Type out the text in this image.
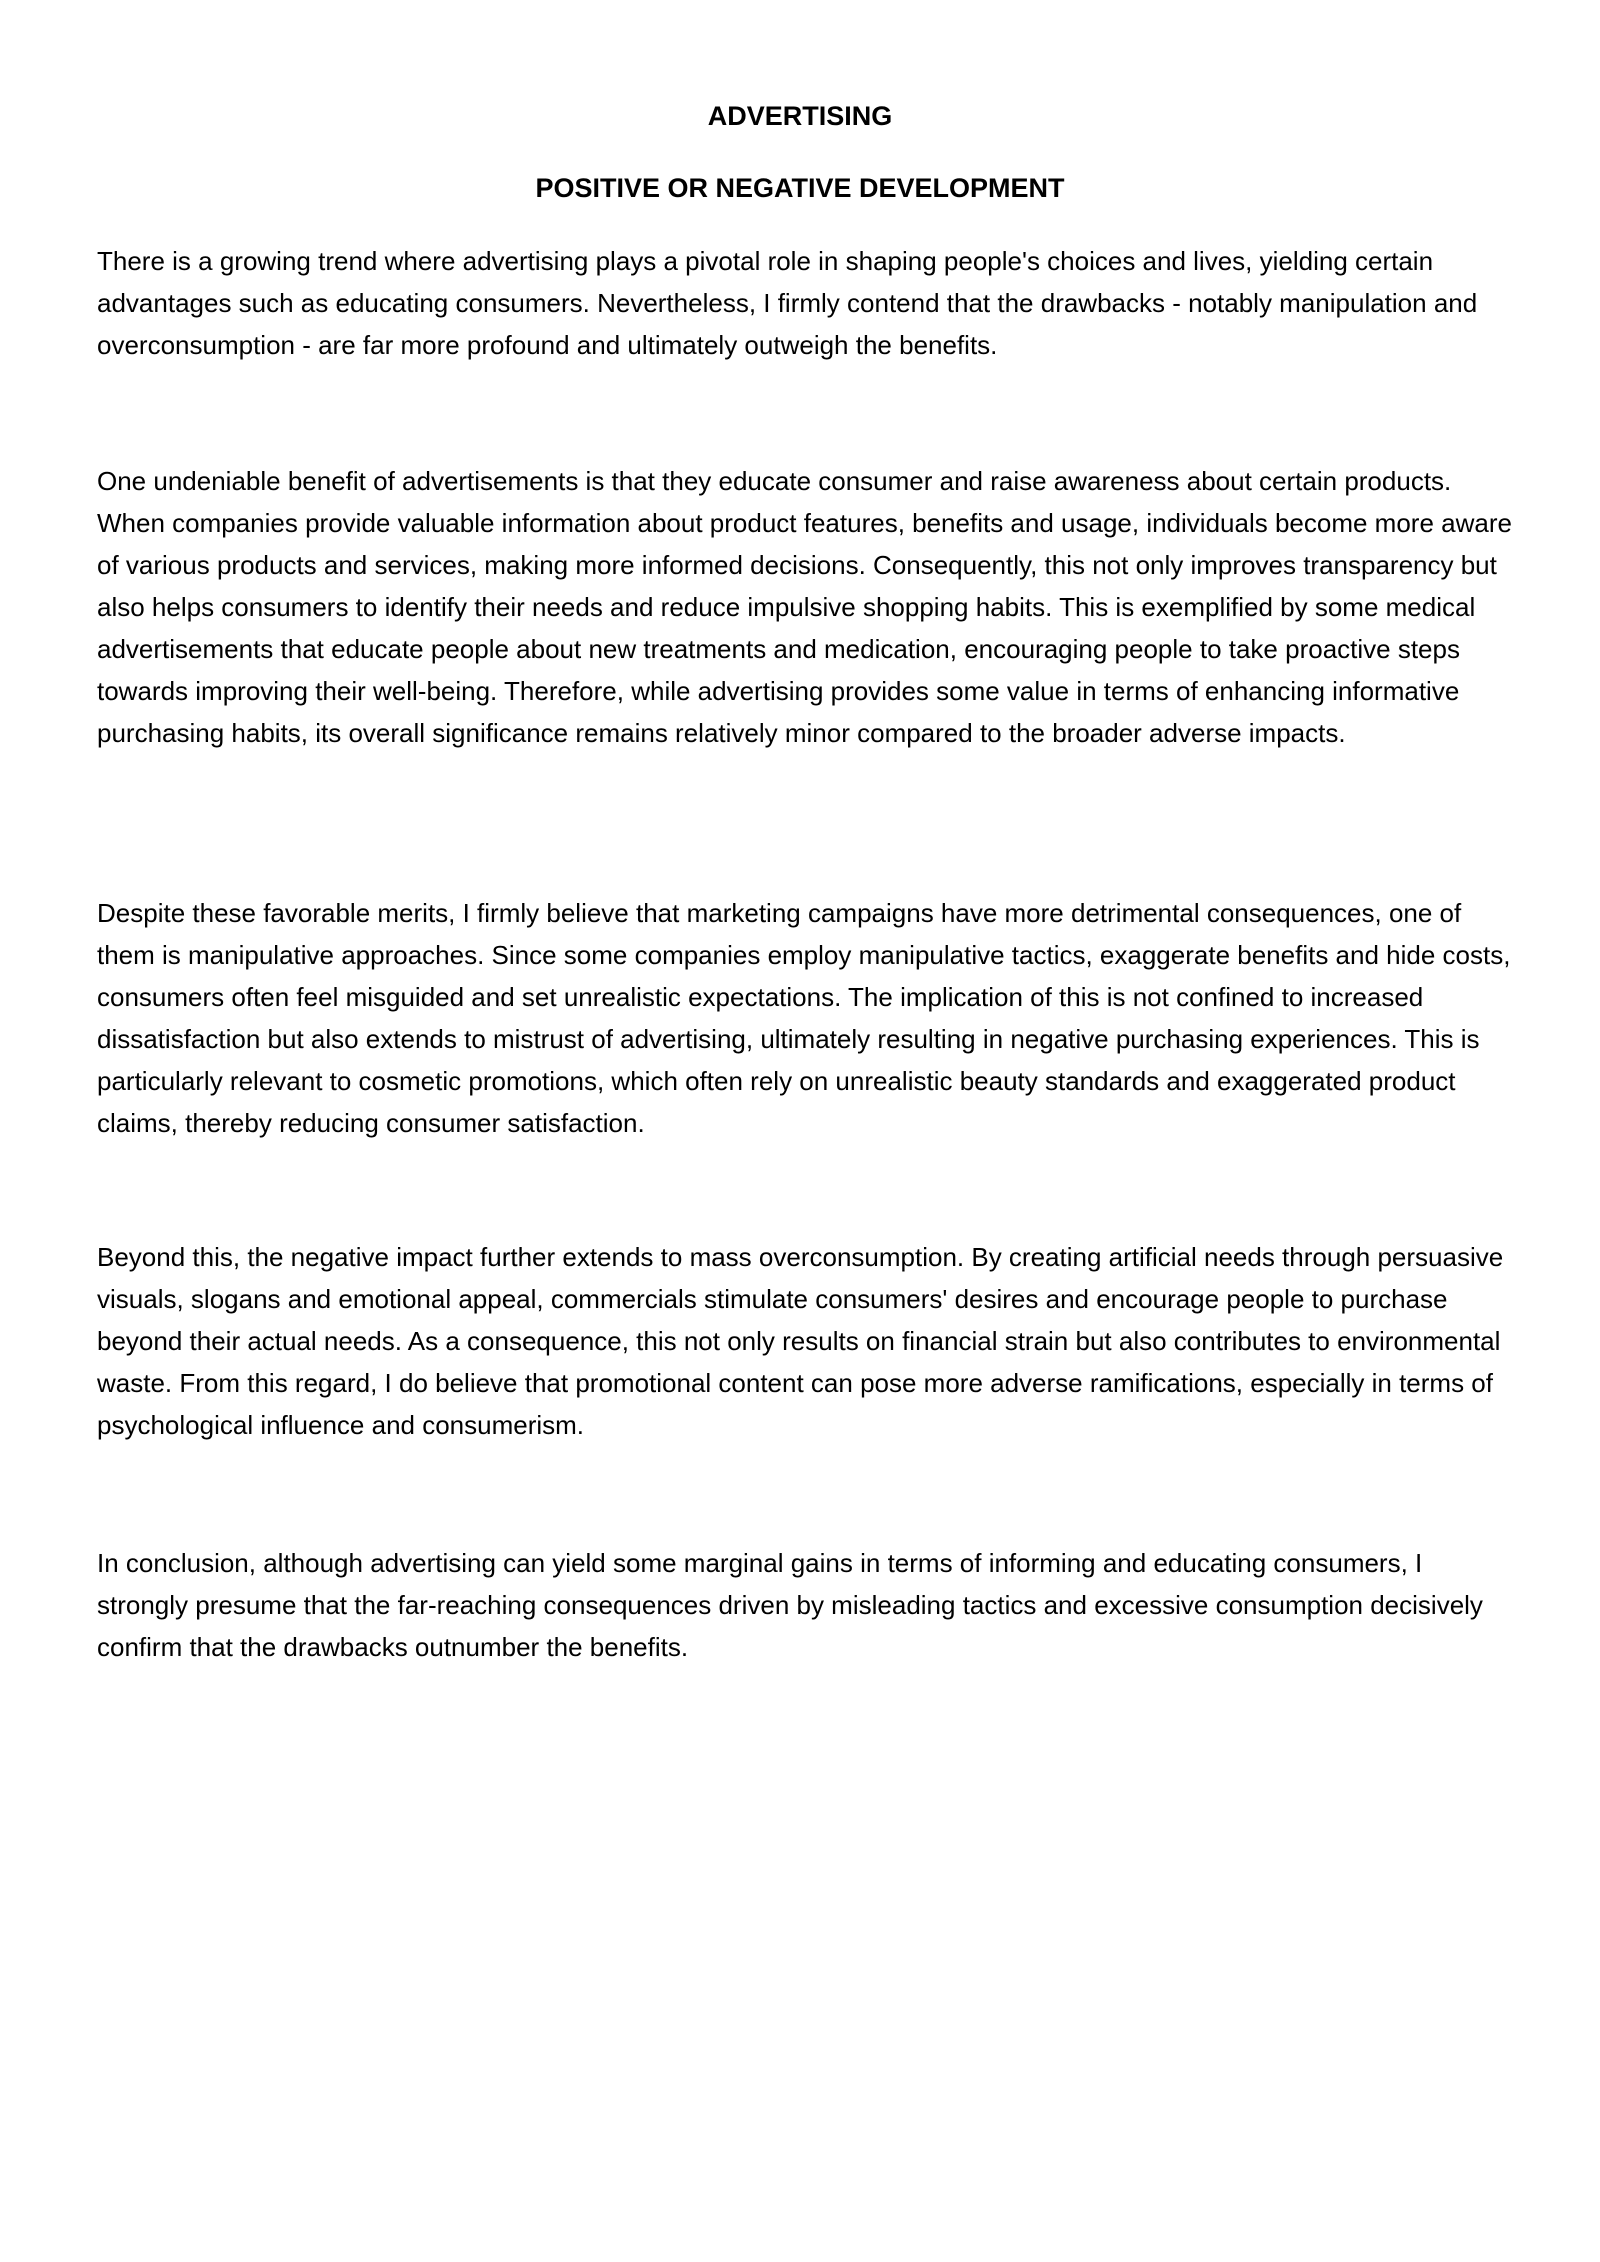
ADVERTISING
POSITIVE OR NEGATIVE DEVELOPMENT

There is a growing trend where advertising plays a pivotal role in shaping people's choices and lives, yielding certain advantages such as educating consumers. Nevertheless, I firmly contend that the drawbacks - notably manipulation and overconsumption - are far more profound and ultimately outweigh the benefits.

One undeniable benefit of advertisements is that they educate consumer and raise awareness about certain products. When companies provide valuable information about product features, benefits and usage, individuals become more aware of various products and services, making more informed decisions. Consequently, this not only improves transparency but also helps consumers to identify their needs and reduce impulsive shopping habits. This is exemplified by some medical advertisements that educate people about new treatments and medication, encouraging people to take proactive steps towards improving their well-being. Therefore, while advertising provides some value in terms of enhancing informative purchasing habits, its overall significance remains relatively minor compared to the broader adverse impacts.

Despite these favorable merits, I firmly believe that marketing campaigns have more detrimental consequences, one of them is manipulative approaches. Since some companies employ manipulative tactics, exaggerate benefits and hide costs, consumers often feel misguided and set unrealistic expectations. The implication of this is not confined to increased dissatisfaction but also extends to mistrust of advertising, ultimately resulting in negative purchasing experiences. This is particularly relevant to cosmetic promotions, which often rely on unrealistic beauty standards and exaggerated product claims, thereby reducing consumer satisfaction.

Beyond this, the negative impact further extends to mass overconsumption. By creating artificial needs through persuasive visuals, slogans and emotional appeal, commercials stimulate consumers' desires and encourage people to purchase beyond their actual needs. As a consequence, this not only results on financial strain but also contributes to environmental waste. From this regard, I do believe that promotional content can pose more adverse ramifications, especially in terms of psychological influence and consumerism.

In conclusion, although advertising can yield some marginal gains in terms of informing and educating consumers, I strongly presume that the far-reaching consequences driven by misleading tactics and excessive consumption decisively confirm that the drawbacks outnumber the benefits.
